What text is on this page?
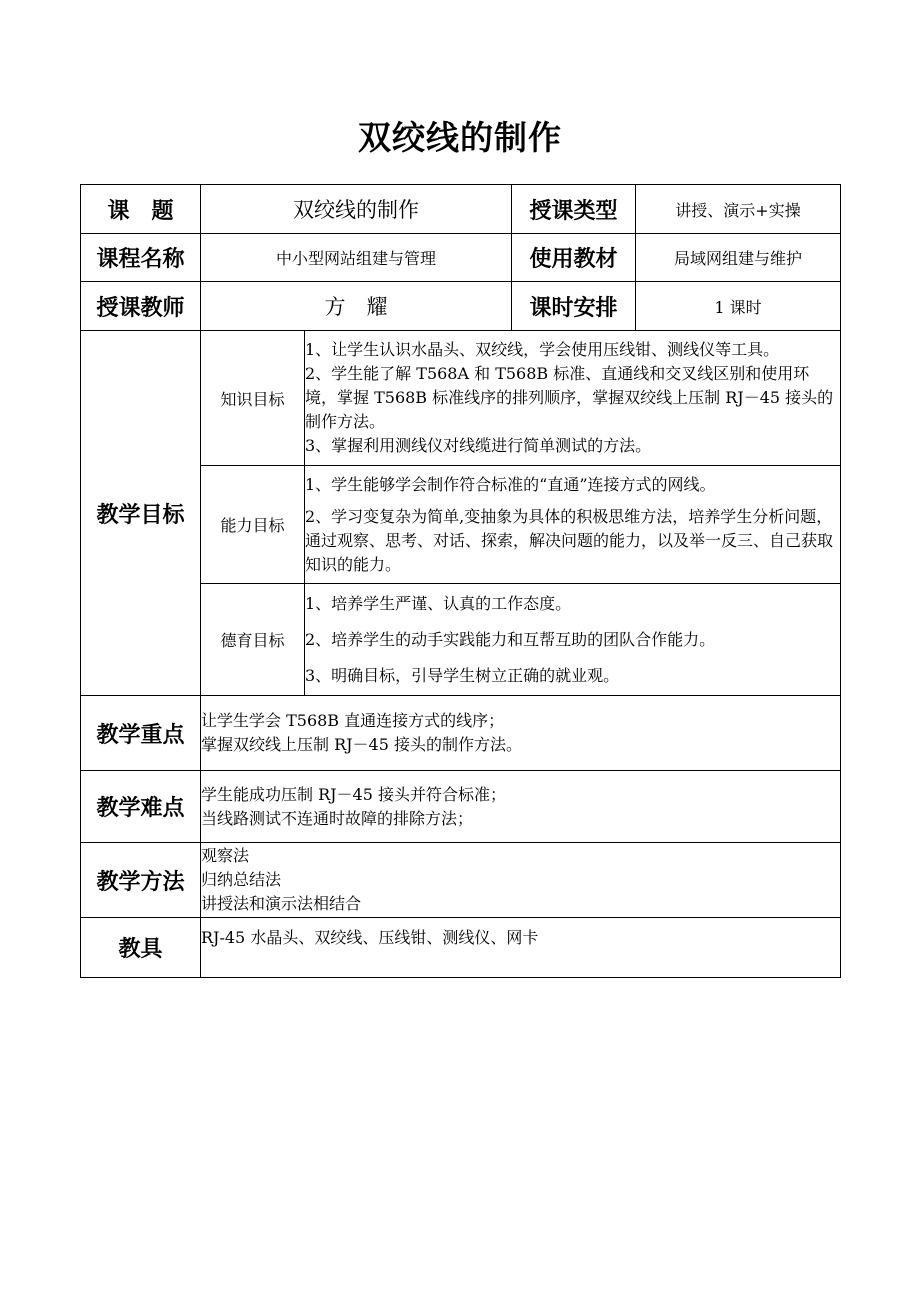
双绞线的制作
课　题	双绞线的制作		授课类型	讲授、演示+实操
课程名称	中小型网站组建与管理		使用教材	局域网组建与维护
授课教师	方　耀		课时安排	1 课时
教学目标	知识目标	1、让学生认识水晶头、双绞线，学会使用压线钳、测线仪等工具。
2、学生能了解 T568A 和 T568B 标准、直通线和交叉线区别和使用环境，掌握 T568B 标准线序的排列顺序，掌握双绞线上压制 RJ－45 接头的制作方法。
3、掌握利用测线仪对线缆进行简单测试的方法。		

	能力目标	1、学生能够学会制作符合标准的“直通”连接方式的网线。
2、学习变复杂为简单,变抽象为具体的积极思维方法，培养学生分析问题，通过观察、思考、对话、探索，解决问题的能力，以及举一反三、自己获取知识的能力。		

	德育目标	1、培养学生严谨、认真的工作态度。
2、培养学生的动手实践能力和互帮互助的团队合作能力。
3、明确目标，引导学生树立正确的就业观。		

教学重点	让学生学会 T568B 直通连接方式的线序；
掌握双绞线上压制 RJ－45 接头的制作方法。			

教学难点	学生能成功压制 RJ－45 接头并符合标准；
当线路测试不连通时故障的排除方法；			

教学方法	观察法
归纳总结法
讲授法和演示法相结合			

教具	RJ-45 水晶头、双绞线、压线钳、测线仪、网卡			
